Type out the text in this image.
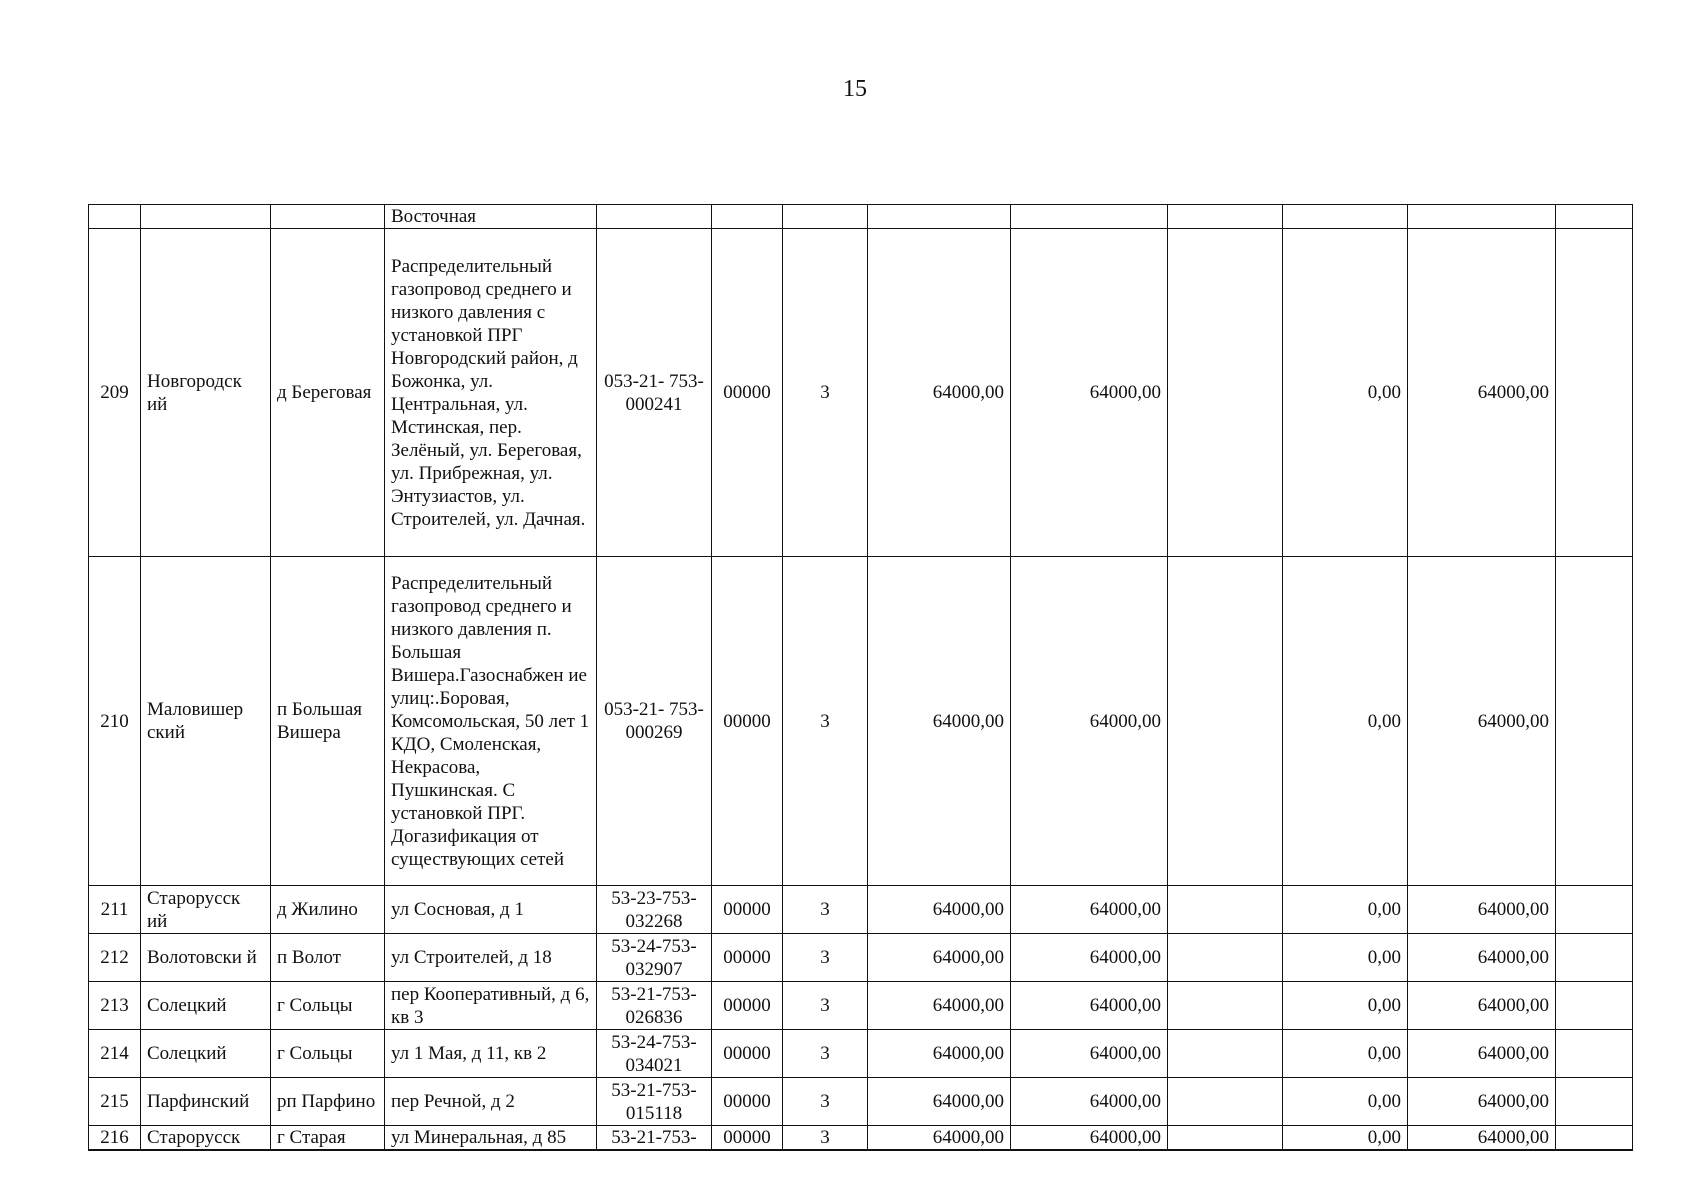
15
			Восточная									
209	Новгородск ий	д Береговая	Распределительный газопровод среднего и низкого давления с установкой ПРГ Новгородский район, д Божонка, ул. Центральная, ул. Мстинская, пер. Зелёный, ул. Береговая, ул. Прибрежная, ул. Энтузиастов, ул. Строителей, ул. Дачная.	053-21- 753- 000241	00000	3	64000,00	64000,00		0,00	64000,00	
210	Маловишер ский	п Большая Вишера	Распределительный газопровод среднего и низкого давления п. Большая Вишера.Газоснабжен ие улиц:.Боровая, Комсомольская, 50 лет 1 КДО, Смоленская, Некрасова, Пушкинская. С установкой ПРГ. Догазификация от существующих сетей	053-21- 753- 000269	00000	3	64000,00	64000,00		0,00	64000,00	
211	Старорусск ий	д Жилино	ул Сосновая, д 1	53-23-753- 032268	00000	3	64000,00	64000,00		0,00	64000,00	
212	Волотовски й	п Волот	ул Строителей, д 18	53-24-753- 032907	00000	3	64000,00	64000,00		0,00	64000,00	
213	Солецкий	г Сольцы	пер Кооперативный, д 6, кв 3	53-21-753- 026836	00000	3	64000,00	64000,00		0,00	64000,00	
214	Солецкий	г Сольцы	ул 1 Мая, д 11, кв 2	53-24-753- 034021	00000	3	64000,00	64000,00		0,00	64000,00	
215	Парфинский	рп Парфино	пер Речной, д 2	53-21-753- 015118	00000	3	64000,00	64000,00		0,00	64000,00	
216	Старорусск	г Старая	ул Минеральная, д 85	53-21-753-	00000	3	64000,00	64000,00		0,00	64000,00	
